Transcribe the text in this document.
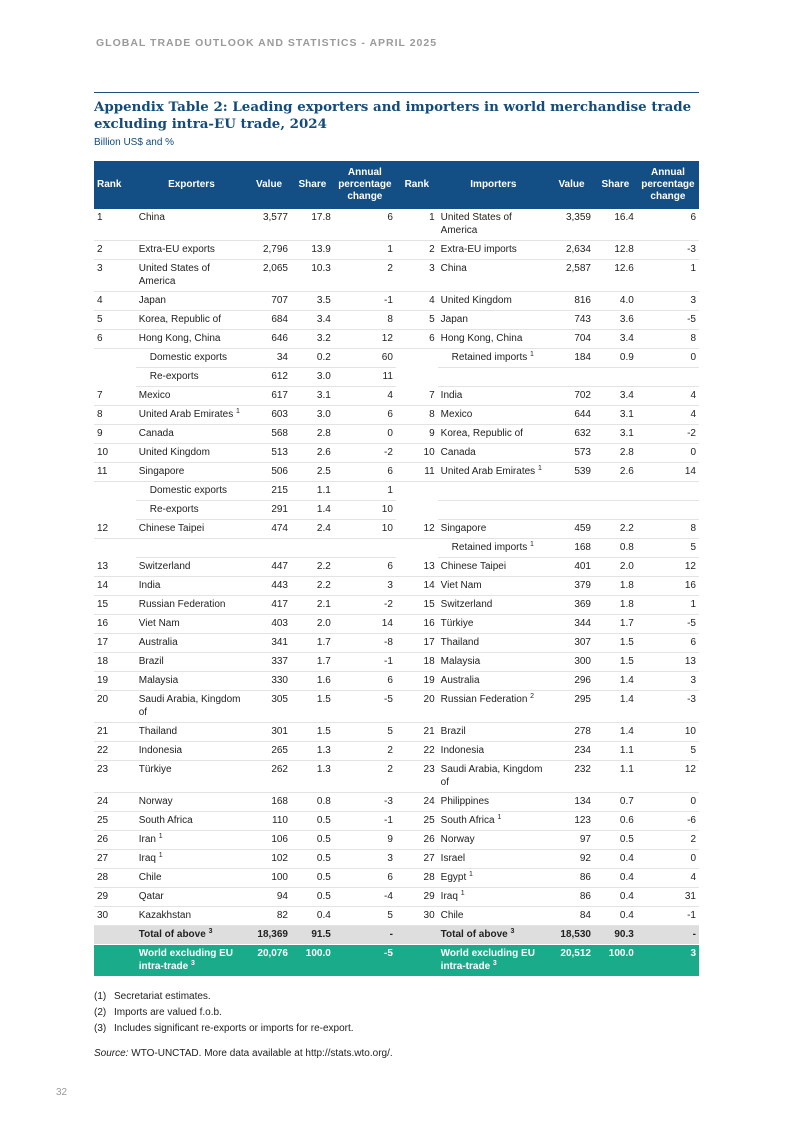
GLOBAL TRADE OUTLOOK AND STATISTICS - APRIL 2025
Appendix Table 2: Leading exporters and importers in world merchandise trade excluding intra-EU trade, 2024
Billion US$ and %
Rank	Exporters	Value	Share	Annual percentage change	Rank	Importers	Value	Share	Annual percentage change
1	China	3,577	17.8	6	1	United States of America	3,359	16.4	6
2	Extra-EU exports	2,796	13.9	1	2	Extra-EU imports	2,634	12.8	-3
3	United States of America	2,065	10.3	2	3	China	2,587	12.6	1
4	Japan	707	3.5	-1	4	United Kingdom	816	4.0	3
5	Korea, Republic of	684	3.4	8	5	Japan	743	3.6	-5
6	Hong Kong, China	646	3.2	12	6	Hong Kong, China	704	3.4	8
	Domestic exports	34	0.2	60		Retained imports $^1$	184	0.9	0
	Re-exports	612	3.0	11					
7	Mexico	617	3.1	4	7	India	702	3.4	4
8	United Arab Emirates $^1$	603	3.0	6	8	Mexico	644	3.1	4
9	Canada	568	2.8	0	9	Korea, Republic of	632	3.1	-2
10	United Kingdom	513	2.6	-2	10	Canada	573	2.8	0
11	Singapore	506	2.5	6	11	United Arab Emirates $^1$	539	2.6	14
	Domestic exports	215	1.1	1					
	Re-exports	291	1.4	10					
12	Chinese Taipei	474	2.4	10	12	Singapore	459	2.2	8
						Retained imports $^1$	168	0.8	5
13	Switzerland	447	2.2	6	13	Chinese Taipei	401	2.0	12
14	India	443	2.2	3	14	Viet Nam	379	1.8	16
15	Russian Federation	417	2.1	-2	15	Switzerland	369	1.8	1
16	Viet Nam	403	2.0	14	16	Türkiye	344	1.7	-5
17	Australia	341	1.7	-8	17	Thailand	307	1.5	6
18	Brazil	337	1.7	-1	18	Malaysia	300	1.5	13
19	Malaysia	330	1.6	6	19	Australia	296	1.4	3
20	Saudi Arabia, Kingdom of	305	1.5	-5	20	Russian Federation $^2$	295	1.4	-3
21	Thailand	301	1.5	5	21	Brazil	278	1.4	10
22	Indonesia	265	1.3	2	22	Indonesia	234	1.1	5
23	Türkiye	262	1.3	2	23	Saudi Arabia, Kingdom of	232	1.1	12
24	Norway	168	0.8	-3	24	Philippines	134	0.7	0
25	South Africa	110	0.5	-1	25	South Africa $^1$	123	0.6	-6
26	Iran $^1$	106	0.5	9	26	Norway	97	0.5	2
27	Iraq $^1$	102	0.5	3	27	Israel	92	0.4	0
28	Chile	100	0.5	6	28	Egypt $^1$	86	0.4	4
29	Qatar	94	0.5	-4	29	Iraq $^1$	86	0.4	31
30	Kazakhstan	82	0.4	5	30	Chile	84	0.4	-1
	Total of above $^3$	18,369	91.5	-		Total of above $^3$	18,530	90.3	-
	World excluding EU intra-trade $^3$	20,076	100.0	-5		World excluding EU intra-trade $^3$	20,512	100.0	3
(1) Secretariat estimates.
(2) Imports are valued f.o.b.
(3) Includes significant re-exports or imports for re-export.
Source: WTO-UNCTAD. More data available at http://stats.wto.org/.
32
